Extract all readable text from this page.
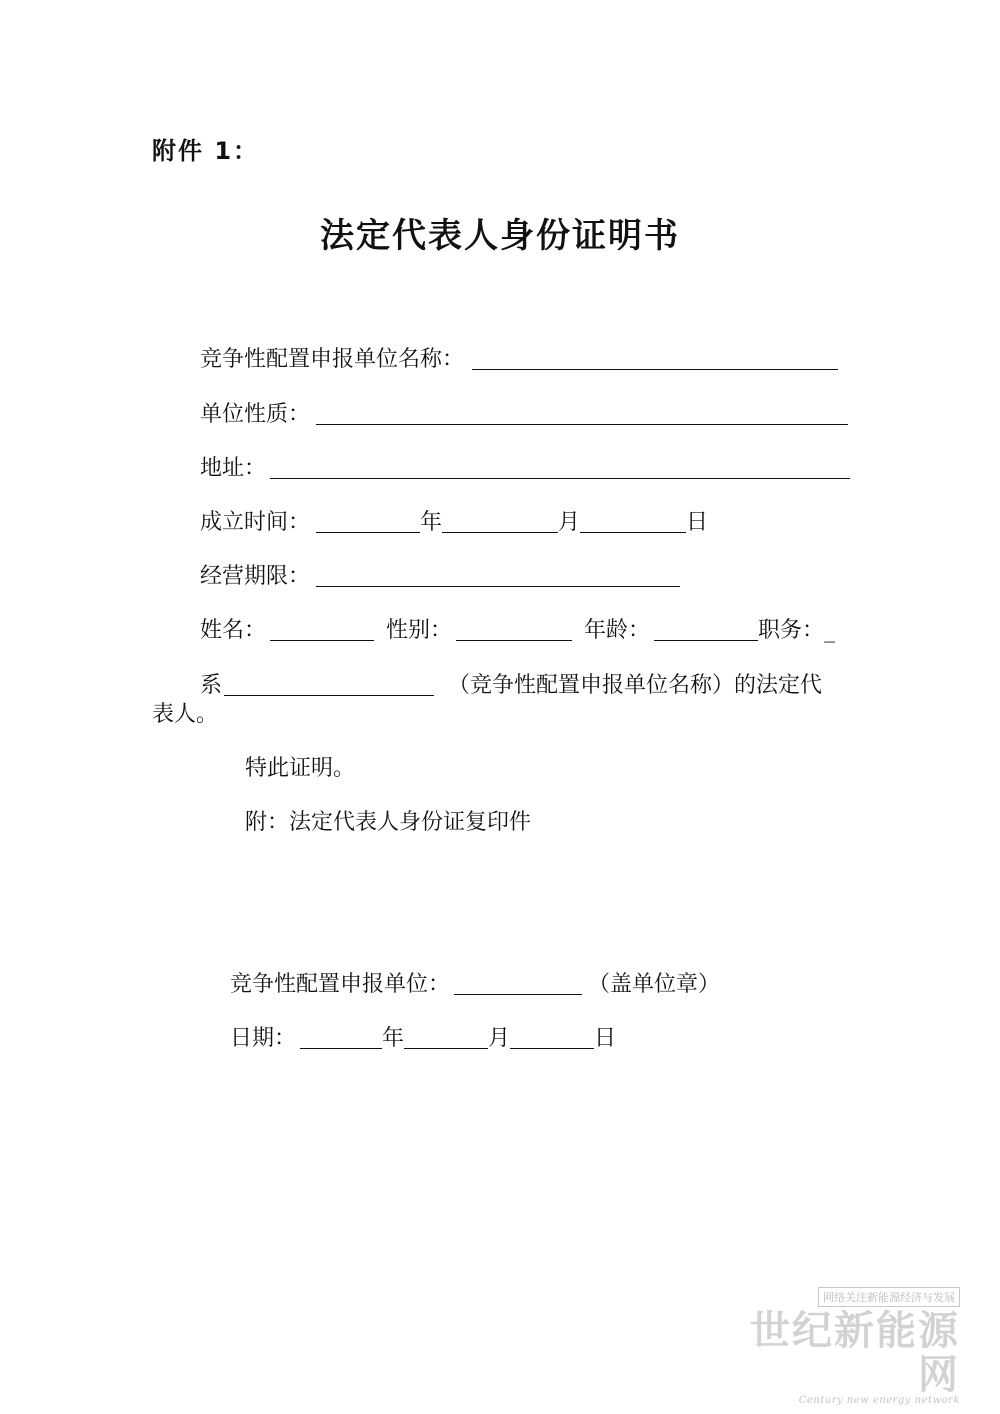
附件 1：
法定代表人身份证明书
竞争性配置申报单位名称：
单位性质：
地址：
成立时间：	年	月	日
经营期限：
姓名：	性别：	年龄：	职务： _
系	（竞争性配置申报单位名称）的法定代
表人。
特此证明。
附：法定代表人身份证复印件
竞争性配置申报单位：	（盖单位章）
日期：	年	月	日
网络关注新能源经济与发展
世纪新能源网
Century new energy network
